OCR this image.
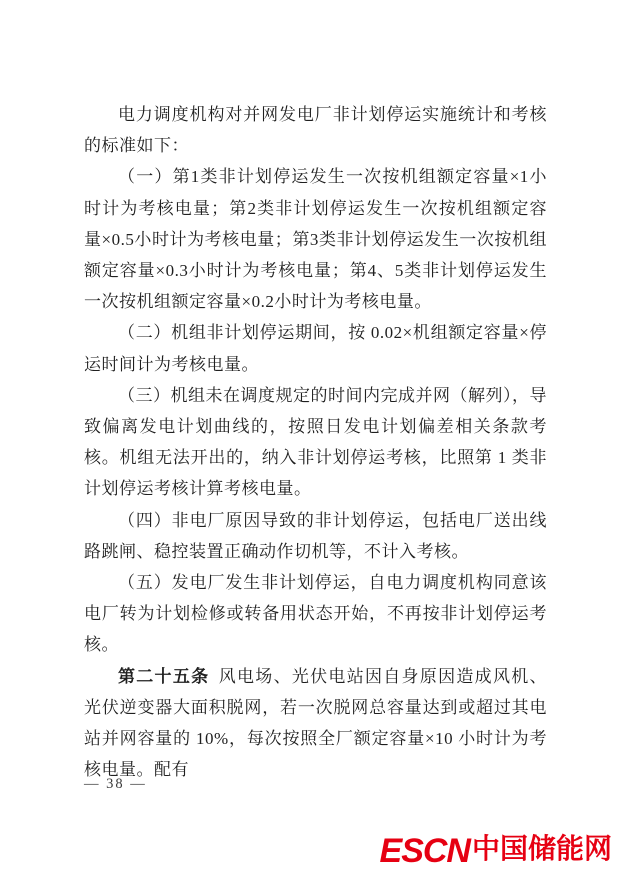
电力调度机构对并网发电厂非计划停运实施统计和考核的标准如下：

（一）第1类非计划停运发生一次按机组额定容量×1小时计为考核电量；第2类非计划停运发生一次按机组额定容量×0.5小时计为考核电量；第3类非计划停运发生一次按机组额定容量×0.3小时计为考核电量；第4、5类非计划停运发生一次按机组额定容量×0.2小时计为考核电量。

（二）机组非计划停运期间，按 0.02×机组额定容量×停运时间计为考核电量。

（三）机组未在调度规定的时间内完成并网（解列），导致偏离发电计划曲线的，按照日发电计划偏差相关条款考核。机组无法开出的，纳入非计划停运考核，比照第 1 类非计划停运考核计算考核电量。

（四）非电厂原因导致的非计划停运，包括电厂送出线路跳闸、稳控装置正确动作切机等，不计入考核。

（五）发电厂发生非计划停运，自电力调度机构同意该电厂转为计划检修或转备用状态开始，不再按非计划停运考核。

第二十五条 风电场、光伏电站因自身原因造成风机、光伏逆变器大面积脱网，若一次脱网总容量达到或超过其电站并网容量的 10%，每次按照全厂额定容量×10 小时计为考核电量。配有

— 38 —
ESCN中国储能网
